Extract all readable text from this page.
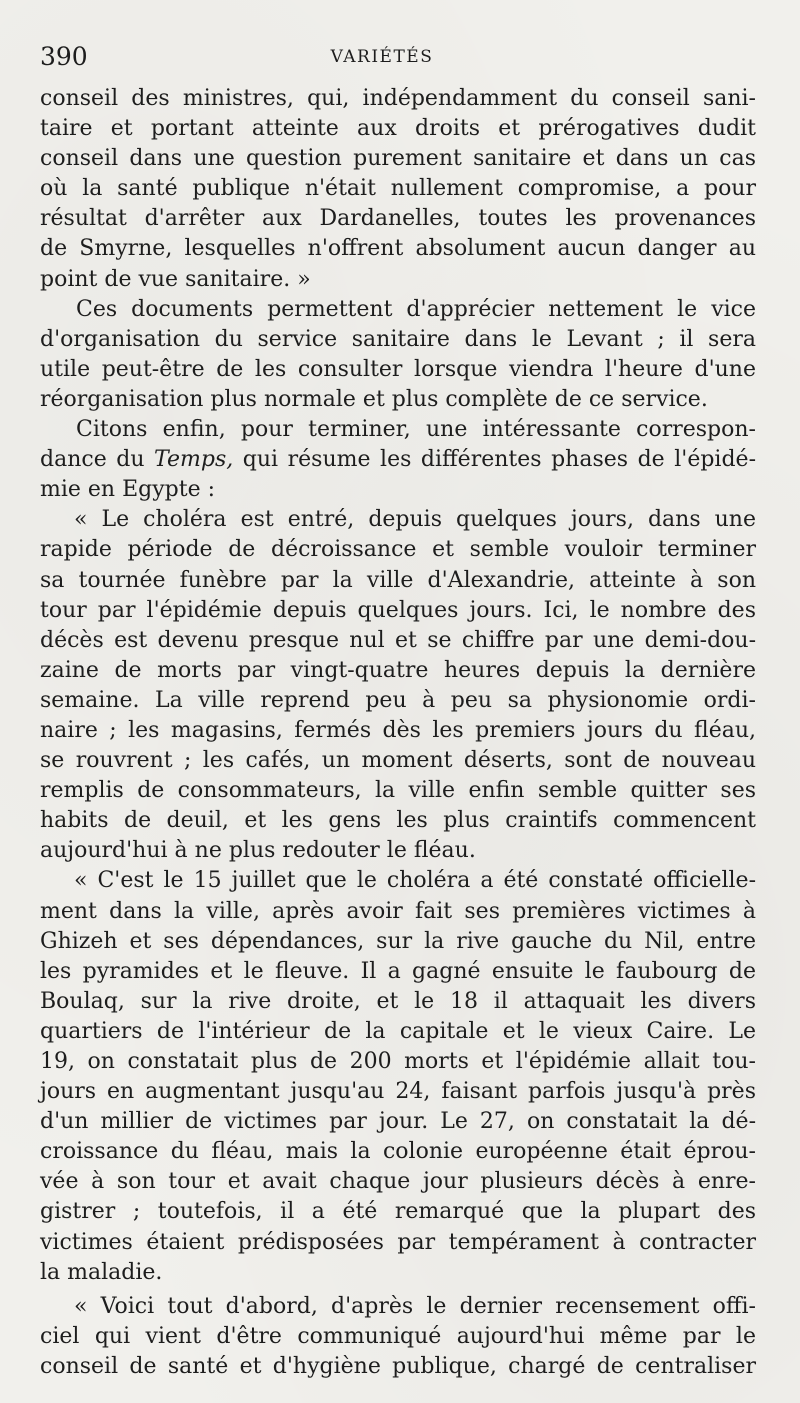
390	VARIÉTÉS
conseil des ministres, qui, indépendamment du conseil sani-
taire et portant atteinte aux droits et prérogatives dudit
conseil dans une question purement sanitaire et dans un cas
où la santé publique n'était nullement compromise, a pour
résultat d'arrêter aux Dardanelles, toutes les provenances
de Smyrne, lesquelles n'offrent absolument aucun danger au
point de vue sanitaire. »
Ces documents permettent d'apprécier nettement le vice
d'organisation du service sanitaire dans le Levant ; il sera
utile peut-être de les consulter lorsque viendra l'heure d'une
réorganisation plus normale et plus complète de ce service.
Citons enfin, pour terminer, une intéressante correspon-
dance du Temps, qui résume les différentes phases de l'épidé-
mie en Egypte :
« Le choléra est entré, depuis quelques jours, dans une
rapide période de décroissance et semble vouloir terminer
sa tournée funèbre par la ville d'Alexandrie, atteinte à son
tour par l'épidémie depuis quelques jours. Ici, le nombre des
décès est devenu presque nul et se chiffre par une demi-dou-
zaine de morts par vingt-quatre heures depuis la dernière
semaine. La ville reprend peu à peu sa physionomie ordi-
naire ; les magasins, fermés dès les premiers jours du fléau,
se rouvrent ; les cafés, un moment déserts, sont de nouveau
remplis de consommateurs, la ville enfin semble quitter ses
habits de deuil, et les gens les plus craintifs commencent
aujourd'hui à ne plus redouter le fléau.
« C'est le 15 juillet que le choléra a été constaté officielle-
ment dans la ville, après avoir fait ses premières victimes à
Ghizeh et ses dépendances, sur la rive gauche du Nil, entre
les pyramides et le fleuve. Il a gagné ensuite le faubourg de
Boulaq, sur la rive droite, et le 18 il attaquait les divers
quartiers de l'intérieur de la capitale et le vieux Caire. Le
19, on constatait plus de 200 morts et l'épidémie allait tou-
jours en augmentant jusqu'au 24, faisant parfois jusqu'à près
d'un millier de victimes par jour. Le 27, on constatait la dé-
croissance du fléau, mais la colonie européenne était éprou-
vée à son tour et avait chaque jour plusieurs décès à enre-
gistrer ; toutefois, il a été remarqué que la plupart des
victimes étaient prédisposées par tempérament à contracter
la maladie.
« Voici tout d'abord, d'après le dernier recensement offi-
ciel qui vient d'être communiqué aujourd'hui même par le
conseil de santé et d'hygiène publique, chargé de centraliser
